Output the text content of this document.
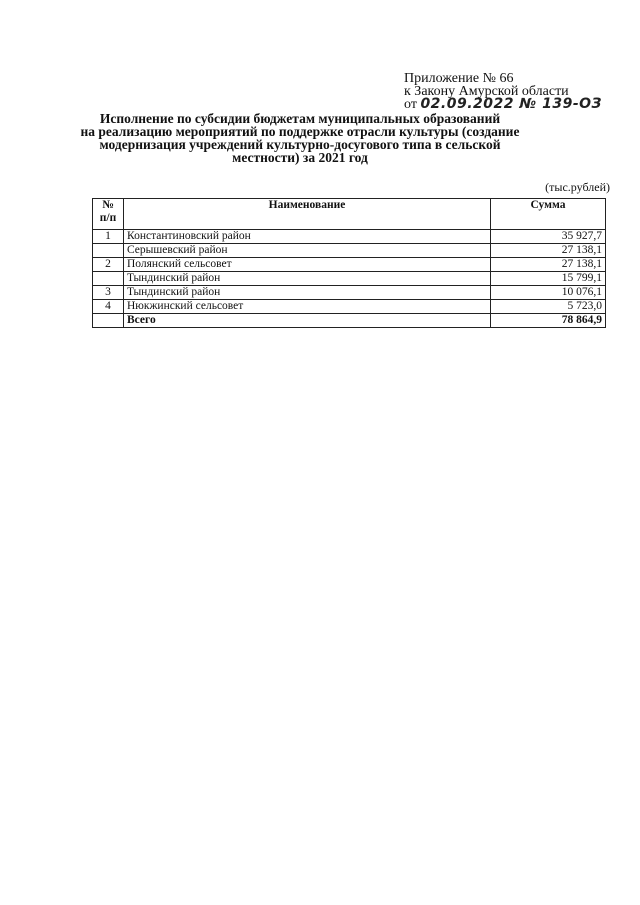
Приложение № 66
к Закону Амурской области
от 02.09.2022 № 139-ОЗ
Исполнение по субсидии бюджетам муниципальных образований
на реализацию мероприятий по поддержке отрасли культуры (создание
модернизация учреждений культурно-досугового типа в сельской
местности) за 2021 год
(тыс.рублей)
№
п/п	Наименование	Сумма
1	Константиновский район	35 927,7
	Серышевский район	27 138,1
2	Полянский сельсовет	27 138,1
	Тындинский район	15 799,1
3	Тындинский район	10 076,1
4	Нюкжинский сельсовет	5 723,0
	Всего	78 864,9
